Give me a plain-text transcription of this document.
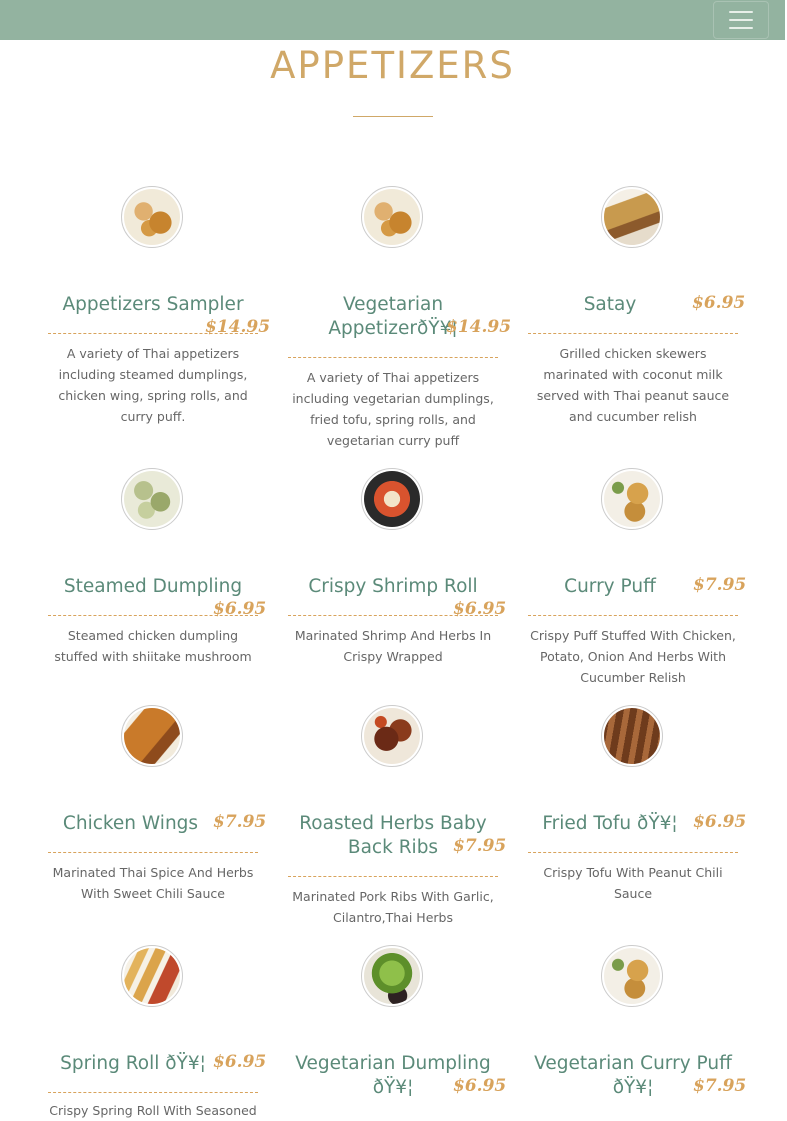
APPETIZERS
Appetizers Sampler
$14.95
A variety of Thai appetizers including steamed dumplings, chicken wing, spring rolls, and curry puff.
Vegetarian AppetizerðŸ¥¦
$14.95
A variety of Thai appetizers including vegetarian dumplings, fried tofu, spring rolls, and vegetarian curry puff
Satay	$6.95
Grilled chicken skewers marinated with coconut milk served with Thai peanut sauce and cucumber relish
Steamed Dumpling
$6.95
Steamed chicken dumpling stuffed with shiitake mushroom
Crispy Shrimp Roll
$6.95
Marinated Shrimp And Herbs In Crispy Wrapped
Curry Puff	$7.95
Crispy Puff Stuffed With Chicken, Potato, Onion And Herbs With Cucumber Relish
Chicken Wings $7.95
Marinated Thai Spice And Herbs With Sweet Chili Sauce
Roasted Herbs Baby Back Ribs $7.95
Marinated Pork Ribs With Garlic, Cilantro,Thai Herbs
Fried Tofu ðŸ¥¦ $6.95
Crispy Tofu With Peanut Chili Sauce
Spring Roll ðŸ¥¦ $6.95
Crispy Spring Roll With Seasoned
Vegetarian Dumpling ðŸ¥¦	$6.95
Vegetarian Curry Puff ðŸ¥¦	$7.95
